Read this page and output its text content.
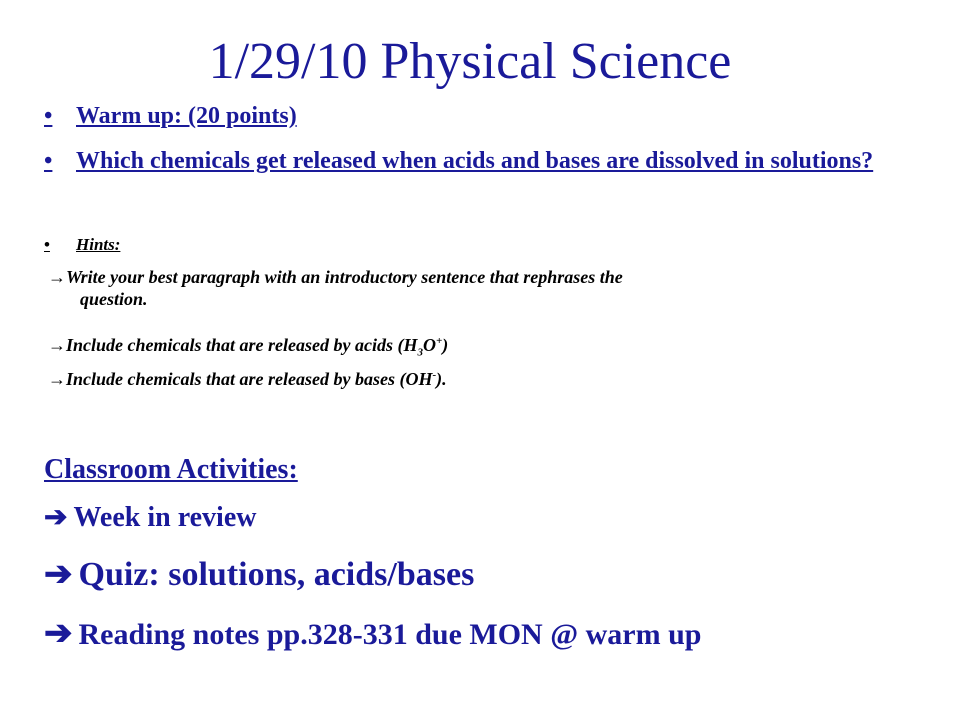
1/29/10 Physical Science
• Warm up: (20 points)
• Which chemicals get released when acids and bases are dissolved in solutions?
•	Hints:
→Write your best paragraph with an introductory sentence that rephrases the
question.
→Include chemicals that are released by acids $(H_3O^+)$
→Include chemicals that are released by bases (OH-).
Classroom Activities:
➔ Week in review
➔ Quiz: solutions, acids/bases
➔ Reading notes pp.328-331 due MON @ warm up
